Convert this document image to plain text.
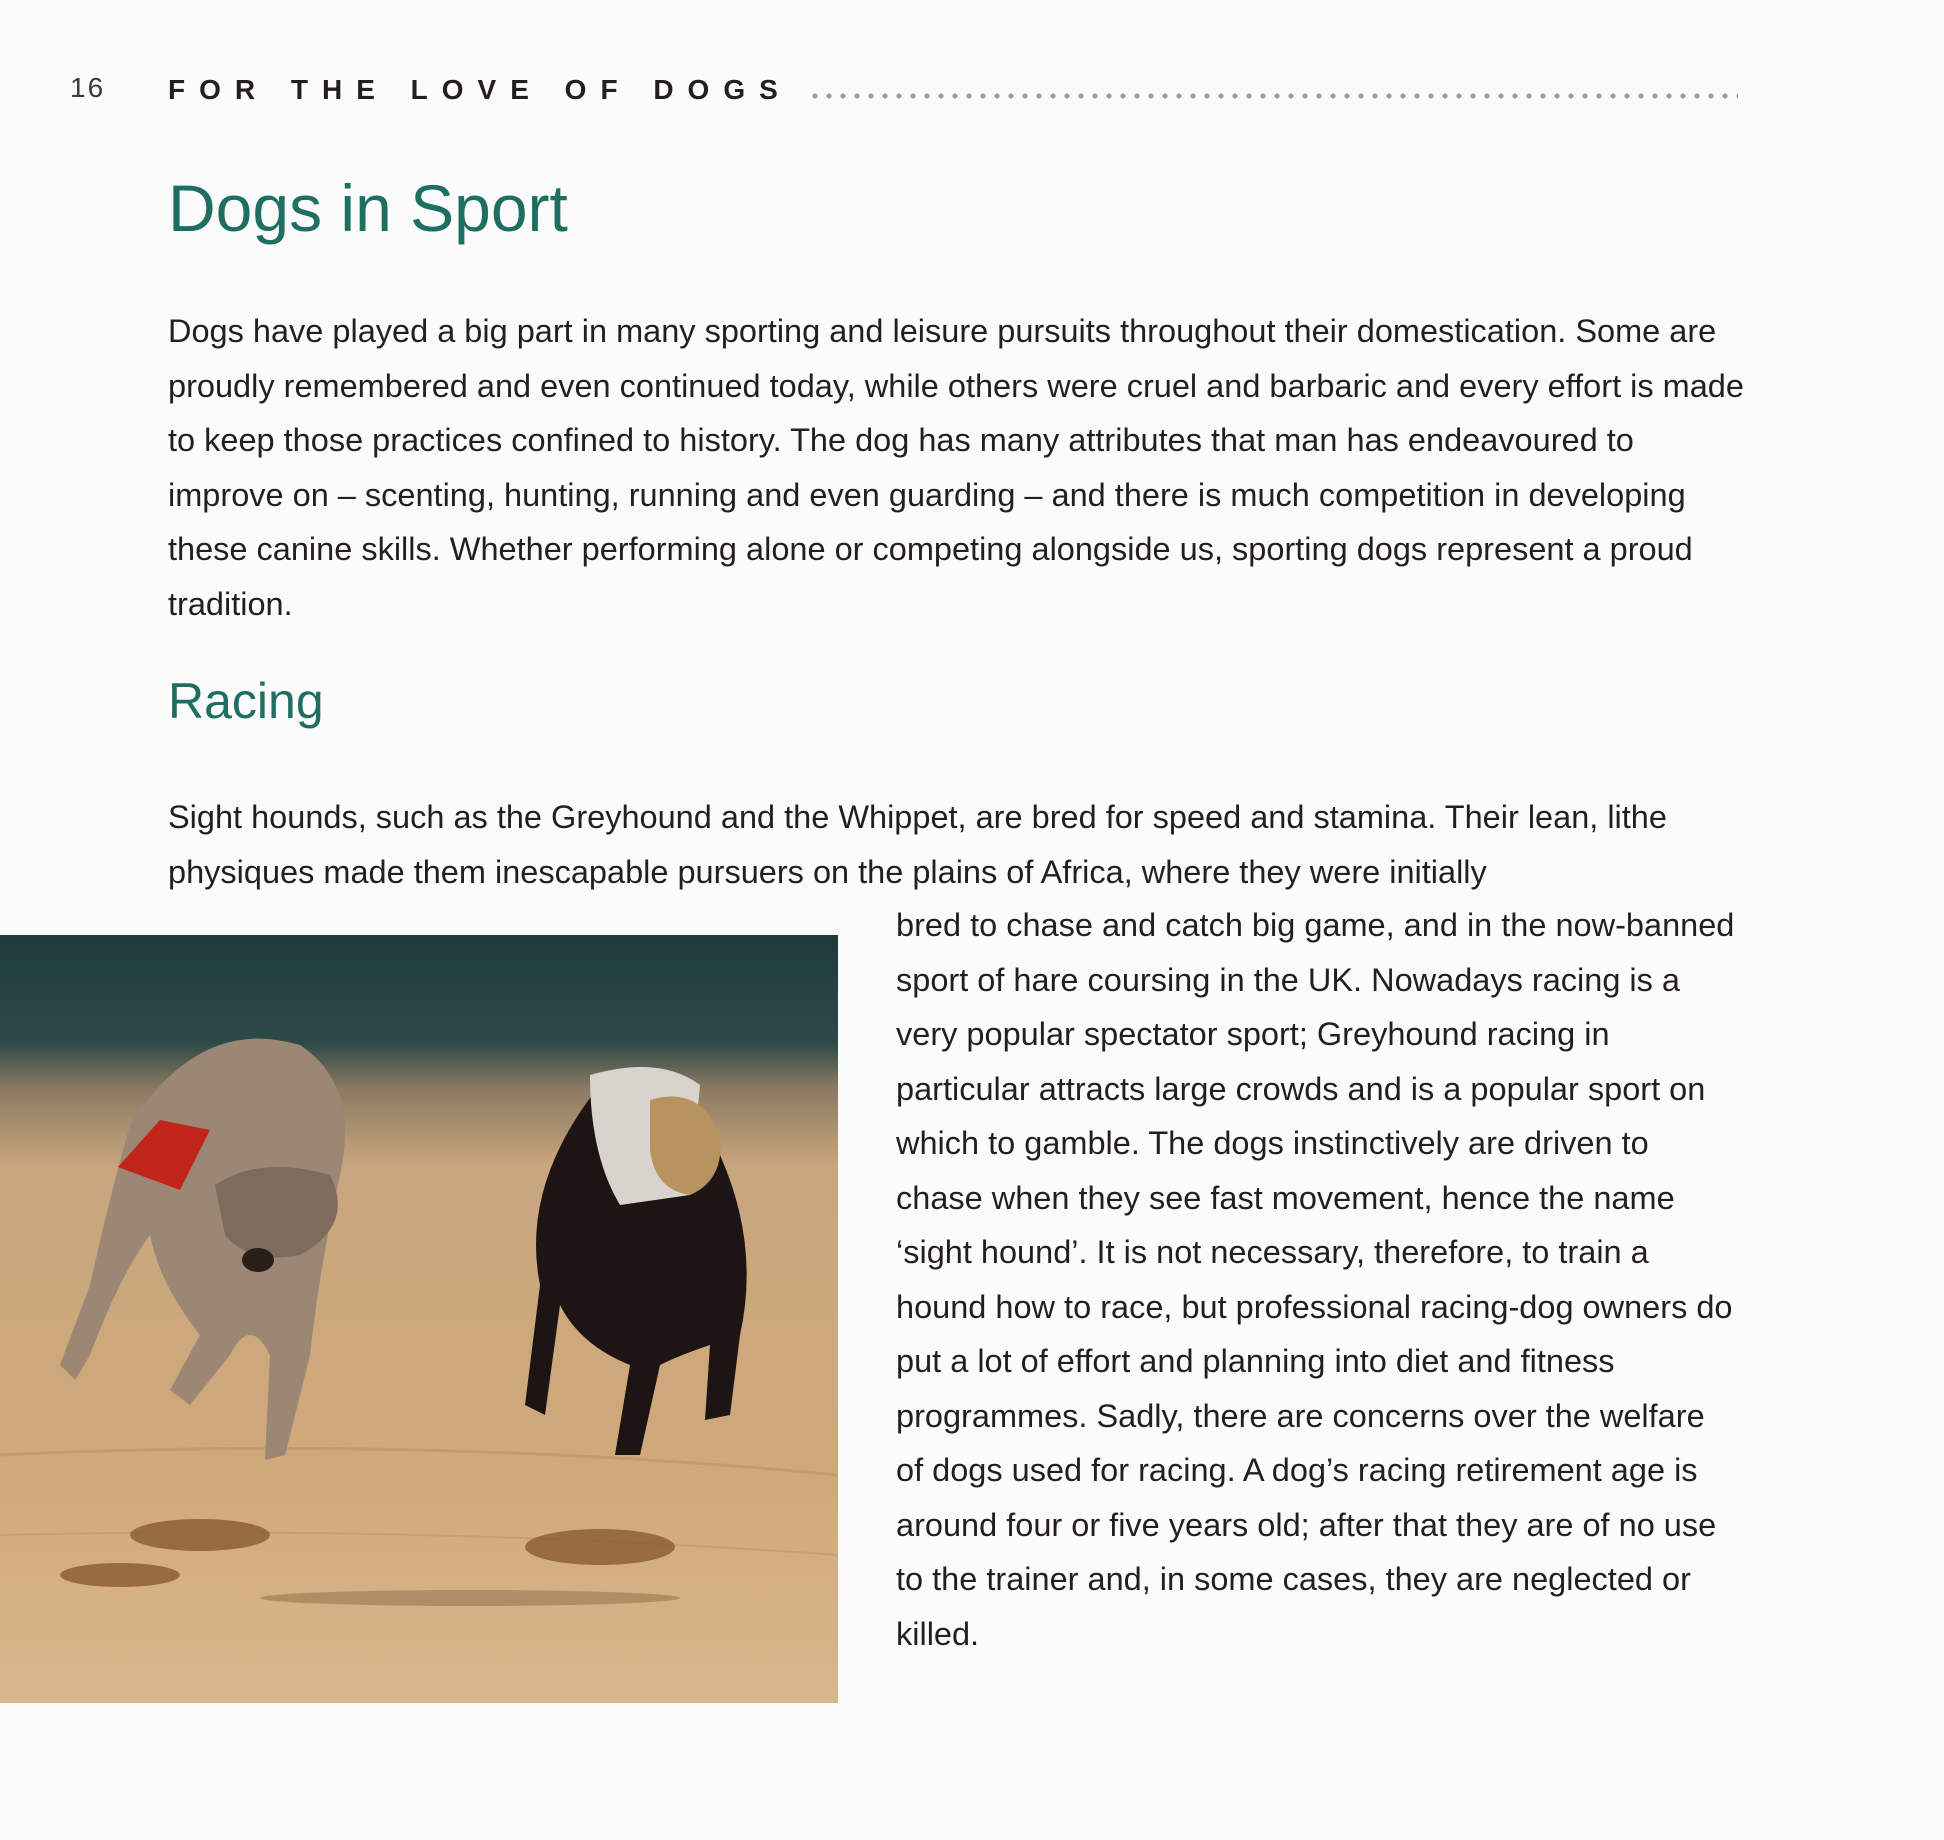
16 FOR THE LOVE OF DOGS
Dogs in Sport

Dogs have played a big part in many sporting and leisure pursuits throughout their domestication. Some are proudly remembered and even continued today, while others were cruel and barbaric and every effort is made to keep those practices confined to history. The dog has many attributes that man has endeavoured to improve on – scenting, hunting, running and even guarding – and there is much competition in developing these canine skills. Whether performing alone or competing alongside us, sporting dogs represent a proud tradition.

Racing

Sight hounds, such as the Greyhound and the Whippet, are bred for speed and stamina. Their lean, lithe physiques made them inescapable pursuers on the plains of Africa, where they were initially

bred to chase and catch big game, and in the now-banned sport of hare coursing in the UK. Nowadays racing is a very popular spectator sport; Greyhound racing in particular attracts large crowds and is a popular sport on which to gamble. The dogs instinctively are driven to chase when they see fast movement, hence the name ‘sight hound’. It is not necessary, therefore, to train a hound how to race, but professional racing-dog owners do put a lot of effort and planning into diet and fitness programmes. Sadly, there are concerns over the welfare of dogs used for racing. A dog’s racing retirement age is around four or five years old; after that they are of no use to the trainer and, in some cases, they are neglected or killed.
